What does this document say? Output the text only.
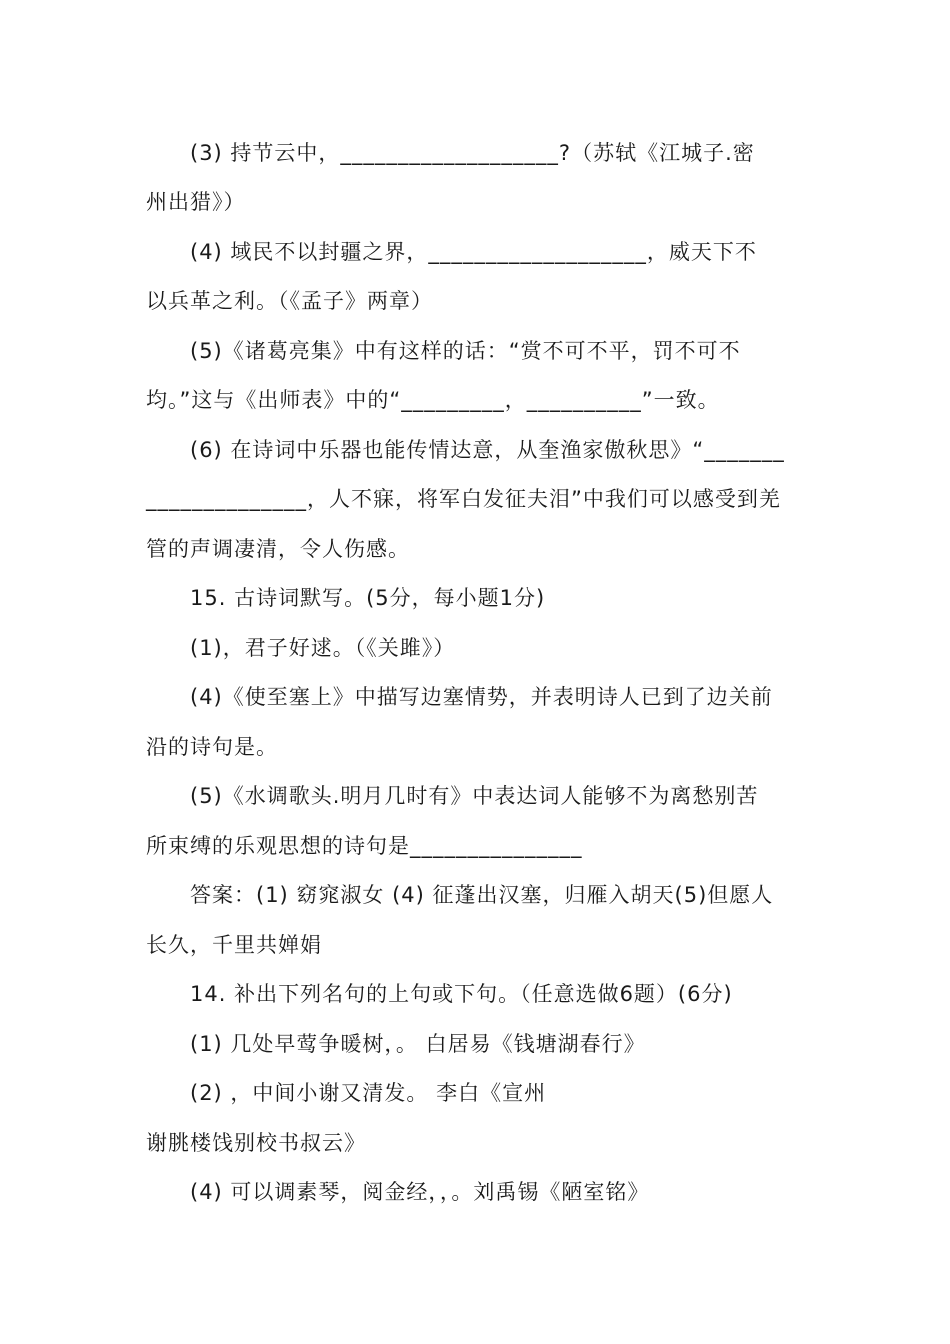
(3) 持节云中，___________________?（苏轼《江城子.密
州出猎》）
(4) 域民不以封疆之界，___________________，威天下不
以兵革之利。（《孟子》两章）
(5)《诸葛亮集》中有这样的话：“赏不可不平，罚不可不
均。”这与《出师表》中的“_________，__________”一致。
(6) 在诗词中乐器也能传情达意，从奎渔家傲秋思》“_______
______________，人不寐，将军白发征夫泪”中我们可以感受到羌
管的声调凄清，令人伤感。
15. 古诗词默写。(5分，每小题1分)
(1)，君子好逑。（《关雎》）
(4)《使至塞上》中描写边塞情势，并表明诗人已到了边关前
沿的诗句是。
(5)《水调歌头.明月几时有》中表达词人能够不为离愁别苦
所束缚的乐观思想的诗句是_______________
答案：(1) 窈窕淑女 (4) 征蓬出汉塞，归雁入胡天(5)但愿人
长久，千里共婵娟
14. 补出下列名句的上句或下句。（任意选做6题）(6分)
(1) 几处早莺争暖树，。 白居易《钱塘湖春行》
(2) ，中间小谢又清发。 李白《宣州
谢朓楼饯别校书叔云》
(4) 可以调素琴，阅金经，，。刘禹锡《陋室铭》
